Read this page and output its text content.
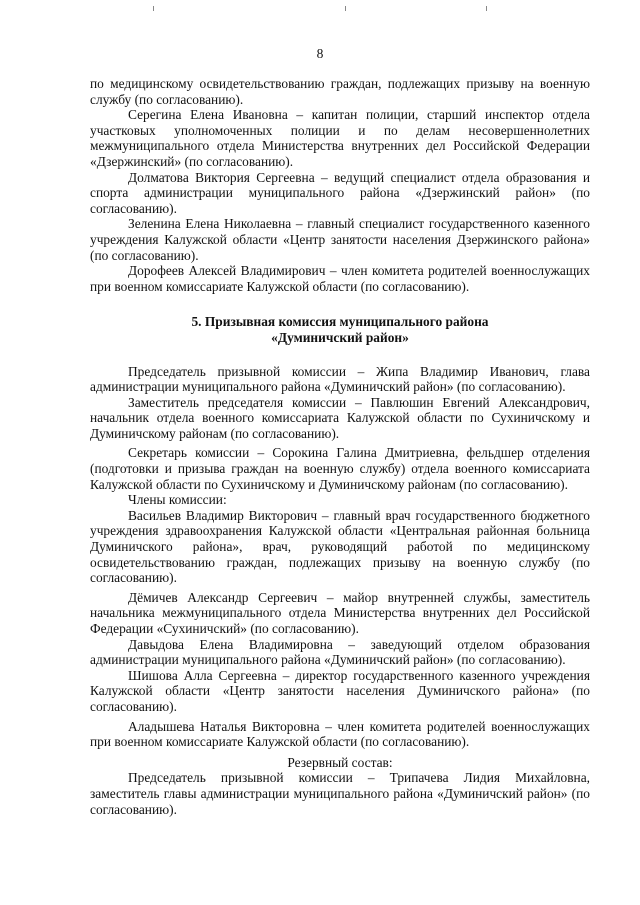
8

по медицинскому освидетельствованию граждан, подлежащих призыву на военную службу (по согласованию).

Серегина Елена Ивановна – капитан полиции, старший инспектор отдела участковых уполномоченных полиции и по делам несовершеннолетних межмуниципального отдела Министерства внутренних дел Российской Федерации «Дзержинский» (по согласованию).

Долматова Виктория Сергеевна – ведущий специалист отдела образования и спорта администрации муниципального района «Дзержинский район» (по согласованию).

Зеленина Елена Николаевна – главный специалист государственного казенного учреждения Калужской области «Центр занятости населения Дзержинского района» (по согласованию).

Дорофеев Алексей Владимирович – член комитета родителей военнослужащих при военном комиссариате Калужской области (по согласованию).

5. Призывная комиссия муниципального района
«Думиничский район»

Председатель призывной комиссии – Жипа Владимир Иванович, глава администрации муниципального района «Думиничский район» (по согласованию).

Заместитель председателя комиссии – Павлюшин Евгений Александрович, начальник отдела военного комиссариата Калужской области по Сухиничскому и Думиничскому районам (по согласованию).

Секретарь комиссии – Сорокина Галина Дмитриевна, фельдшер отделения (подготовки и призыва граждан на военную службу) отдела военного комиссариата Калужской области по Сухиничскому и Думиничскому районам (по согласованию).

Члены комиссии:

Васильев Владимир Викторович – главный врач государственного бюджетного учреждения здравоохранения Калужской области «Центральная районная больница Думиничского района», врач, руководящий работой по медицинскому освидетельствованию граждан, подлежащих призыву на военную службу (по согласованию).

Дёмичев Александр Сергеевич – майор внутренней службы, заместитель начальника межмуниципального отдела Министерства внутренних дел Российской Федерации «Сухиничский» (по согласованию).

Давыдова Елена Владимировна – заведующий отделом образования администрации муниципального района «Думиничский район» (по согласованию).

Шишова Алла Сергеевна – директор государственного казенного учреждения Калужской области «Центр занятости населения Думиничского района» (по согласованию).

Аладышева Наталья Викторовна – член комитета родителей военнослужащих при военном комиссариате Калужской области (по согласованию).

Резервный состав:

Председатель призывной комиссии – Трипачева Лидия Михайловна, заместитель главы администрации муниципального района «Думиничский район» (по согласованию).
